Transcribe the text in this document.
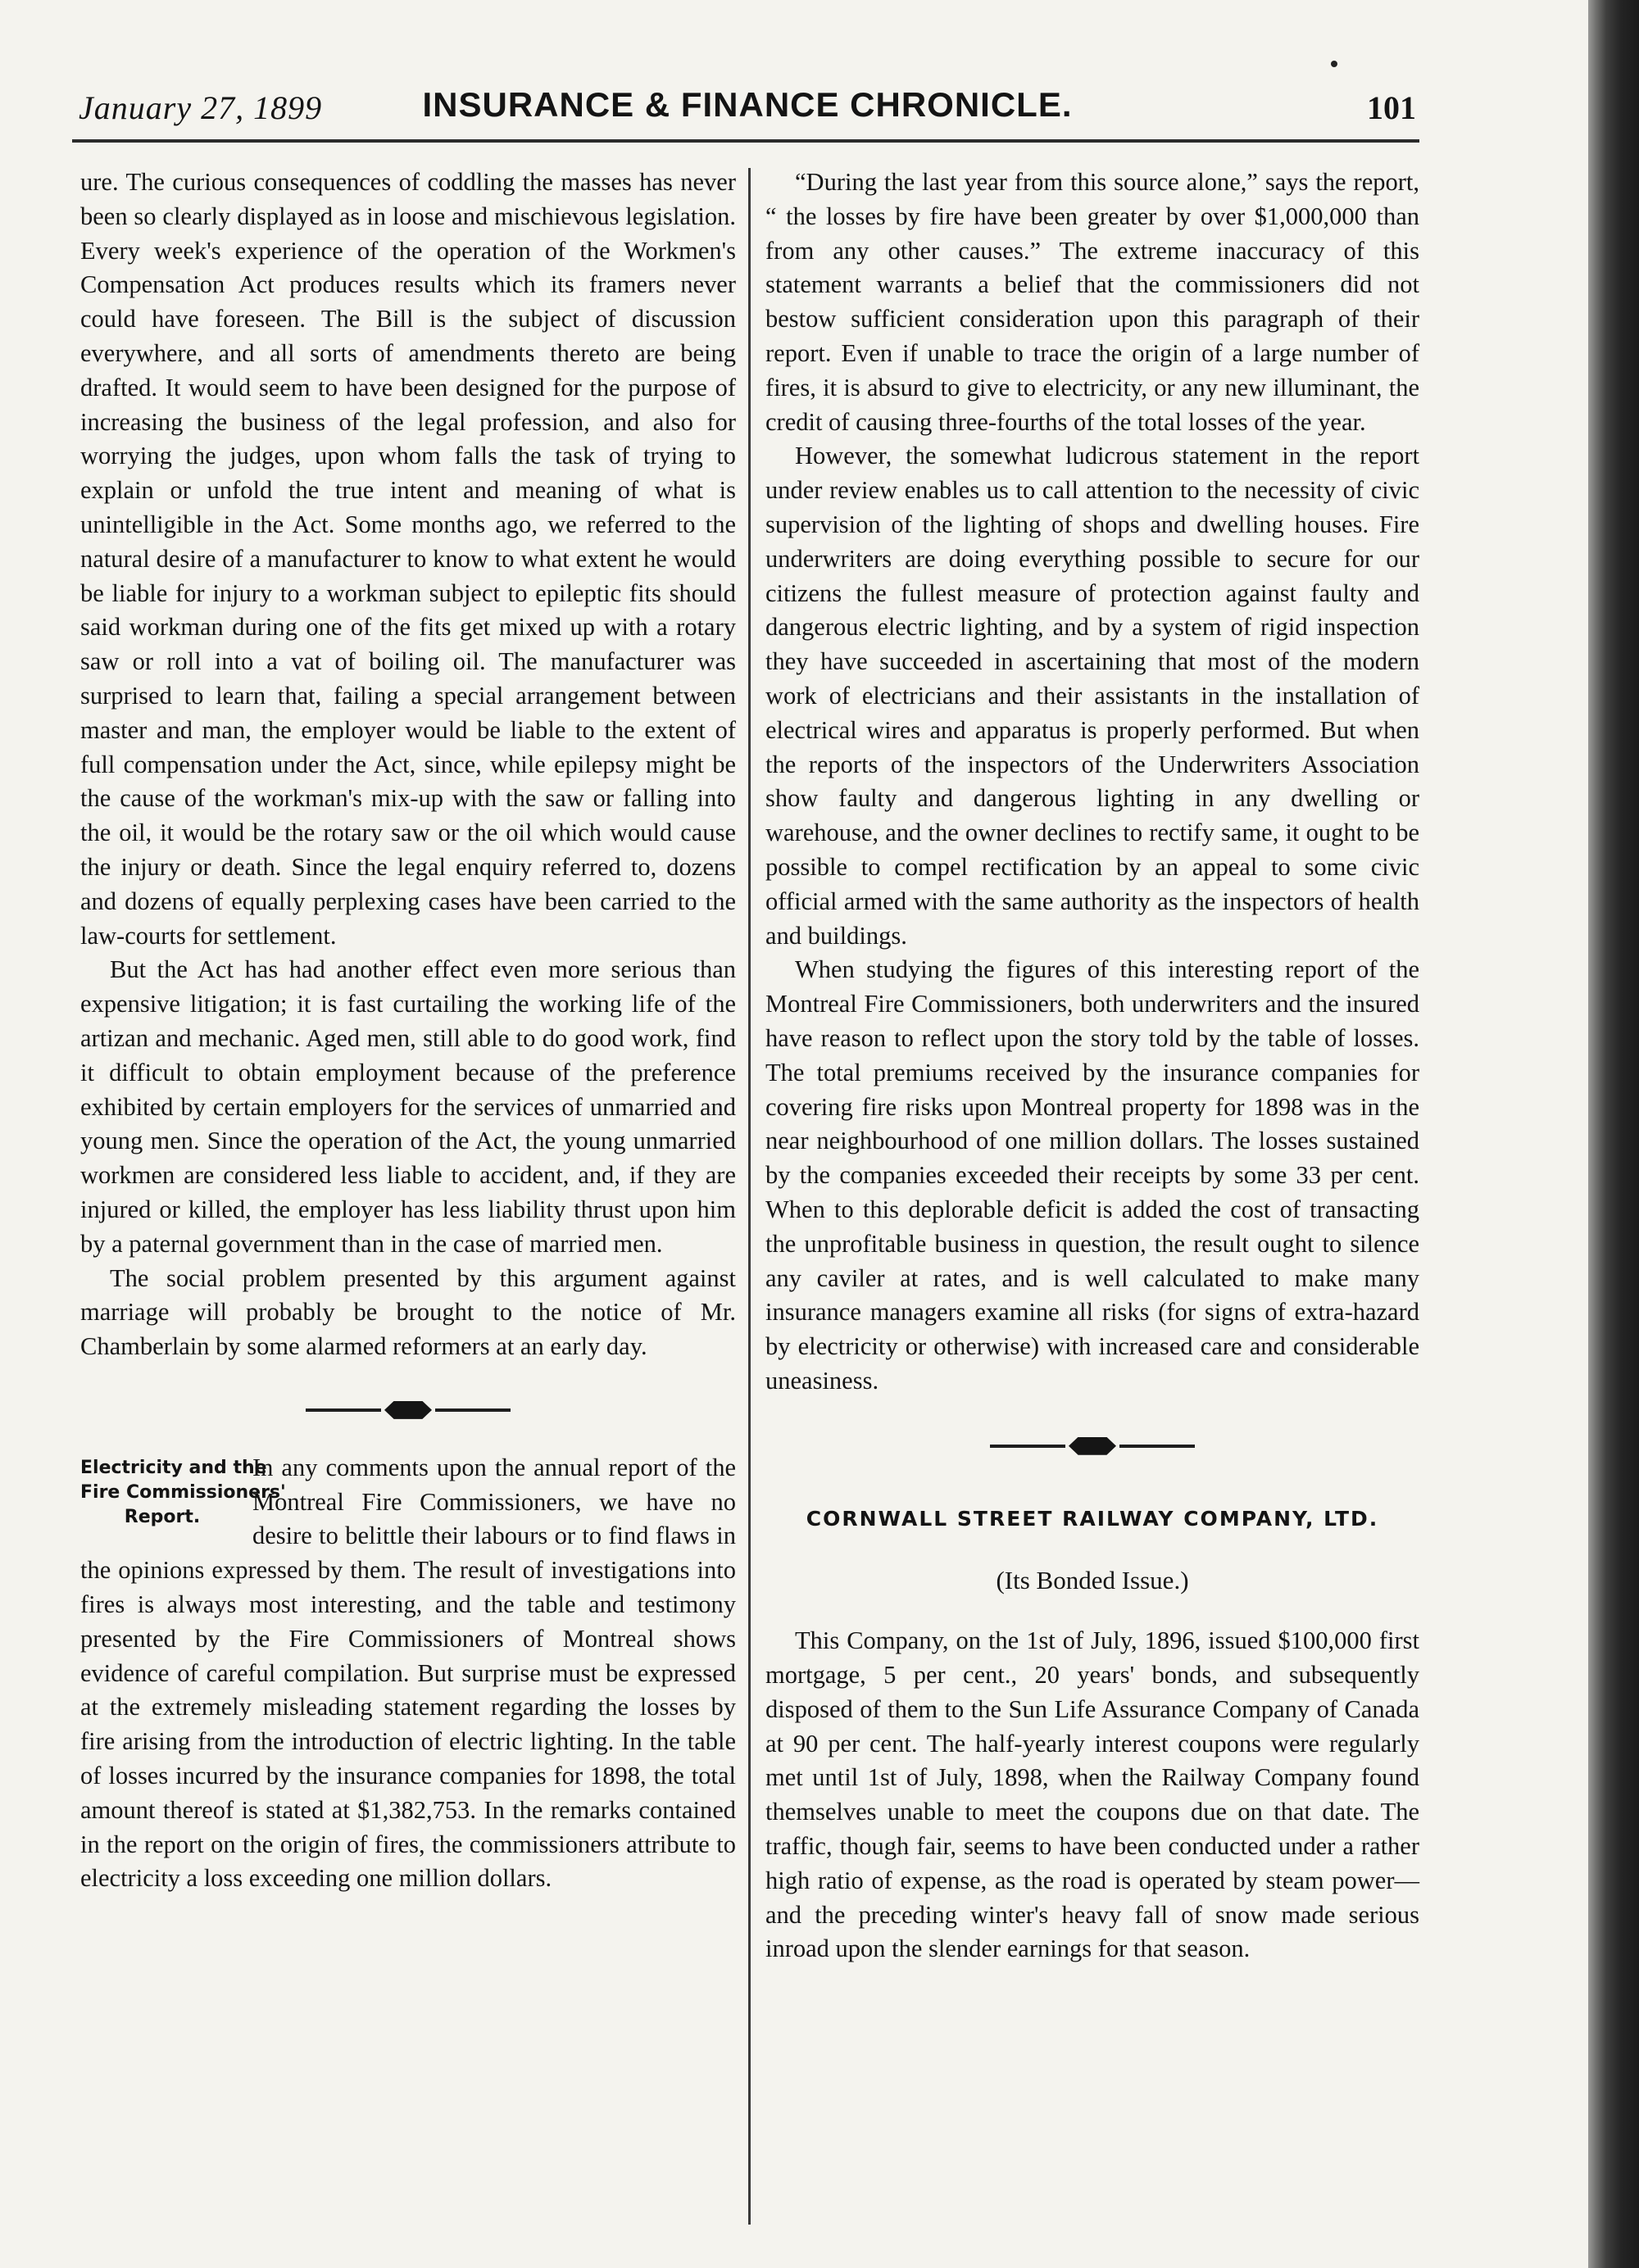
January 27, 1899	INSURANCE & FINANCE CHRONICLE.	101

ure. The curious consequences of coddling the masses has never been so clearly displayed as in loose and mischievous legislation. Every week's experience of the operation of the Workmen's Compensation Act produces results which its framers never could have foreseen. The Bill is the subject of discussion everywhere, and all sorts of amendments thereto are being drafted. It would seem to have been designed for the purpose of increasing the business of the legal profession, and also for worrying the judges, upon whom falls the task of trying to explain or unfold the true intent and meaning of what is unintelligible in the Act. Some months ago, we referred to the natural desire of a manufacturer to know to what extent he would be liable for injury to a workman subject to epileptic fits should said workman during one of the fits get mixed up with a rotary saw or roll into a vat of boiling oil. The manufacturer was surprised to learn that, failing a special arrangement between master and man, the employer would be liable to the extent of full compensation under the Act, since, while epilepsy might be the cause of the workman's mix-up with the saw or falling into the oil, it would be the rotary saw or the oil which would cause the injury or death. Since the legal enquiry referred to, dozens and dozens of equally perplexing cases have been carried to the law-courts for settlement.

But the Act has had another effect even more serious than expensive litigation; it is fast curtailing the working life of the artizan and mechanic. Aged men, still able to do good work, find it difficult to obtain employment because of the preference exhibited by certain employers for the services of unmarried and young men. Since the operation of the Act, the young unmarried workmen are considered less liable to accident, and, if they are injured or killed, the employer has less liability thrust upon him by a paternal government than in the case of married men.

The social problem presented by this argument against marriage will probably be brought to the notice of Mr. Chamberlain by some alarmed reformers at an early day.

Electricity and the
Fire Commissioners'
Report.

In any comments upon the annual report of the Montreal Fire Commissioners, we have no desire to belittle their labours or to find flaws in the opinions expressed by them. The result of investigations into fires is always most interesting, and the table and testimony presented by the Fire Commissioners of Montreal shows evidence of careful compilation. But surprise must be expressed at the extremely misleading statement regarding the losses by fire arising from the introduction of electric lighting. In the table of losses incurred by the insurance companies for 1898, the total amount thereof is stated at $1,382,753. In the remarks contained in the report on the origin of fires, the commissioners attribute to electricity a loss exceeding one million dollars.

“During the last year from this source alone,” says the report, “ the losses by fire have been greater by over $1,000,000 than from any other causes.” The extreme inaccuracy of this statement warrants a belief that the commissioners did not bestow sufficient consideration upon this paragraph of their report. Even if unable to trace the origin of a large number of fires, it is absurd to give to electricity, or any new illuminant, the credit of causing three-fourths of the total losses of the year.

However, the somewhat ludicrous statement in the report under review enables us to call attention to the necessity of civic supervision of the lighting of shops and dwelling houses. Fire underwriters are doing everything possible to secure for our citizens the fullest measure of protection against faulty and dangerous electric lighting, and by a system of rigid inspection they have succeeded in ascertaining that most of the modern work of electricians and their assistants in the installation of electrical wires and apparatus is properly performed. But when the reports of the inspectors of the Underwriters Association show faulty and dangerous lighting in any dwelling or warehouse, and the owner declines to rectify same, it ought to be possible to compel rectification by an appeal to some civic official armed with the same authority as the inspectors of health and buildings.

When studying the figures of this interesting report of the Montreal Fire Commissioners, both underwriters and the insured have reason to reflect upon the story told by the table of losses. The total premiums received by the insurance companies for covering fire risks upon Montreal property for 1898 was in the near neighbourhood of one million dollars. The losses sustained by the companies exceeded their receipts by some 33 per cent. When to this deplorable deficit is added the cost of transacting the unprofitable business in question, the result ought to silence any caviler at rates, and is well calculated to make many insurance managers examine all risks (for signs of extra-hazard by electricity or otherwise) with increased care and considerable uneasiness.

CORNWALL STREET RAILWAY COMPANY, LTD.
(Its Bonded Issue.)

This Company, on the 1st of July, 1896, issued $100,000 first mortgage, 5 per cent., 20 years' bonds, and subsequently disposed of them to the Sun Life Assurance Company of Canada at 90 per cent. The half-yearly interest coupons were regularly met until 1st of July, 1898, when the Railway Company found themselves unable to meet the coupons due on that date. The traffic, though fair, seems to have been conducted under a rather high ratio of expense, as the road is operated by steam power—and the preceding winter's heavy fall of snow made serious inroad upon the slender earnings for that season.
